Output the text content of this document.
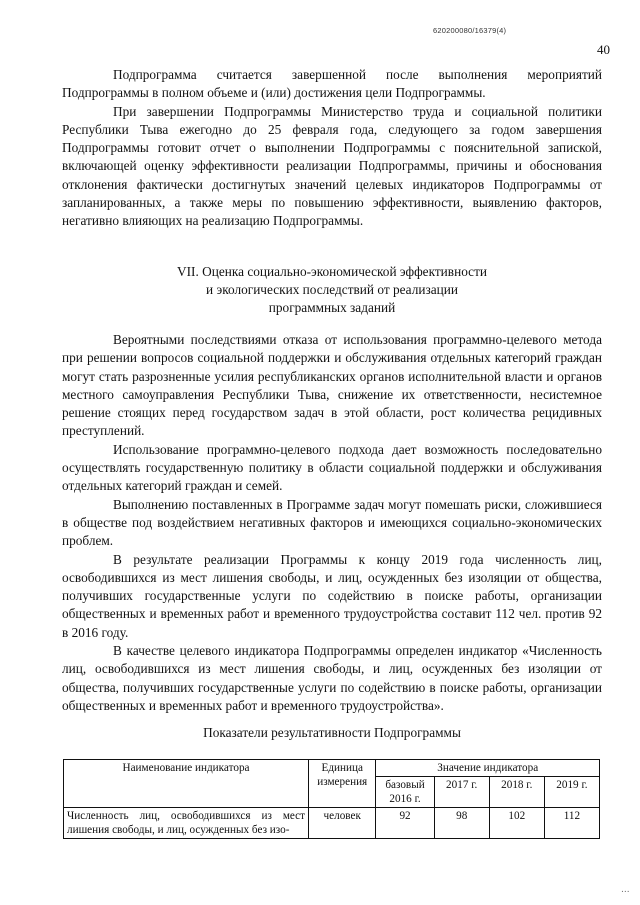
620200080/16379(4)
40

Подпрограмма считается завершенной после выполнения мероприятий Подпрограммы в полном объеме и (или) достижения цели Подпрограммы.

При завершении Подпрограммы Министерство труда и социальной политики Республики Тыва ежегодно до 25 февраля года, следующего за годом завершения Подпрограммы готовит отчет о выполнении Подпрограммы с пояснительной запиской, включающей оценку эффективности реализации Подпрограммы, причины и обоснования отклонения фактически достигнутых значений целевых индикаторов Подпрограммы от запланированных, а также меры по повышению эффективности, выявлению факторов, негативно влияющих на реализацию Подпрограммы.

VII. Оценка социально-экономической эффективности
и экологических последствий от реализации
программных заданий

Вероятными последствиями отказа от использования программно-целевого метода при решении вопросов социальной поддержки и обслуживания отдельных категорий граждан могут стать разрозненные усилия республиканских органов исполнительной власти и органов местного самоуправления Республики Тыва, снижение их ответственности, несистемное решение стоящих перед государством задач в этой области, рост количества рецидивных преступлений.

Использование программно-целевого подхода дает возможность последовательно осуществлять государственную политику в области социальной поддержки и обслуживания отдельных категорий граждан и семей.

Выполнению поставленных в Программе задач могут помешать риски, сложившиеся в обществе под воздействием негативных факторов и имеющихся социально-экономических проблем.

В результате реализации Программы к концу 2019 года численность лиц, освободившихся из мест лишения свободы, и лиц, осужденных без изоляции от общества, получивших государственные услуги по содействию в поиске работы, организации общественных и временных работ и временного трудоустройства составит 112 чел. против 92 в 2016 году.

В качестве целевого индикатора Подпрограммы определен индикатор «Численность лиц, освободившихся из мест лишения свободы, и лиц, осужденных без изоляции от общества, получивших государственные услуги по содействию в поиске работы, организации общественных и временных работ и временного трудоустройства».

Показатели результативности Подпрограммы
Наименование индикатора	Единица измерения	Значение индикатора			
		базовый 2016 г.	2017 г.	2018 г.	2019 г.
Численность лиц, освободившихся из мест лишения свободы, и лиц, осужденных без изо-	человек	92	98	102	112
...
